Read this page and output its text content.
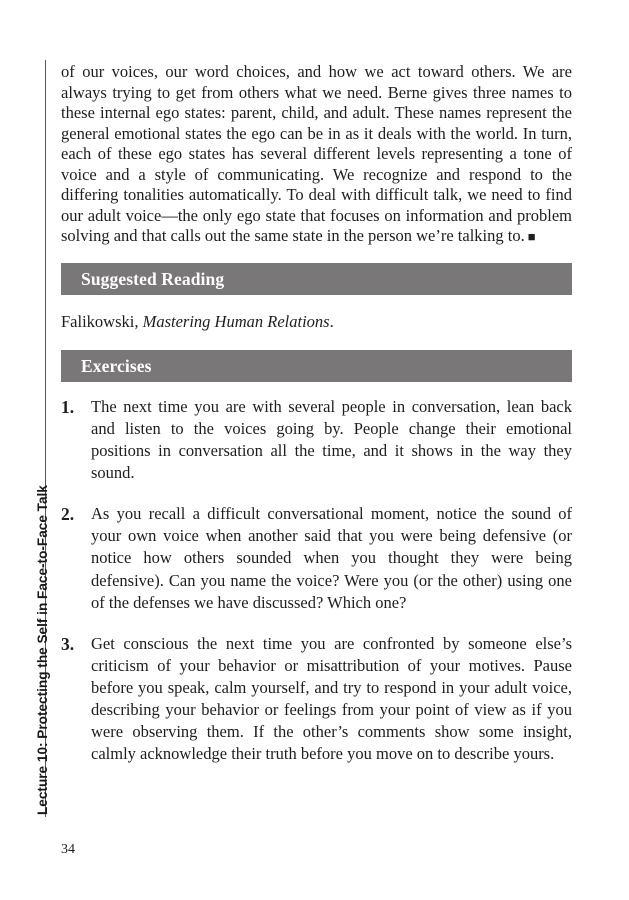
Lecture 10: Protecting the Self in Face-to-Face Talk

of our voices, our word choices, and how we act toward others. We are always trying to get from others what we need. Berne gives three names to these internal ego states: parent, child, and adult. These names represent the general emotional states the ego can be in as it deals with the world. In turn, each of these ego states has several different levels representing a tone of voice and a style of communicating. We recognize and respond to the differing tonalities automatically. To deal with difficult talk, we need to find our adult voice—the only ego state that focuses on information and problem solving and that calls out the same state in the person we’re talking to. ■

Suggested Reading

Falikowski, Mastering Human Relations.

Exercises
1. The next time you are with several people in conversation, lean back and listen to the voices going by. People change their emotional positions in conversation all the time, and it shows in the way they sound.
2. As you recall a difficult conversational moment, notice the sound of your own voice when another said that you were being defensive (or notice how others sounded when you thought they were being defensive). Can you name the voice? Were you (or the other) using one of the defenses we have discussed? Which one?
3. Get conscious the next time you are confronted by someone else’s criticism of your behavior or misattribution of your motives. Pause before you speak, calm yourself, and try to respond in your adult voice, describing your behavior or feelings from your point of view as if you were observing them. If the other’s comments show some insight, calmly acknowledge their truth before you move on to describe yours.
34
